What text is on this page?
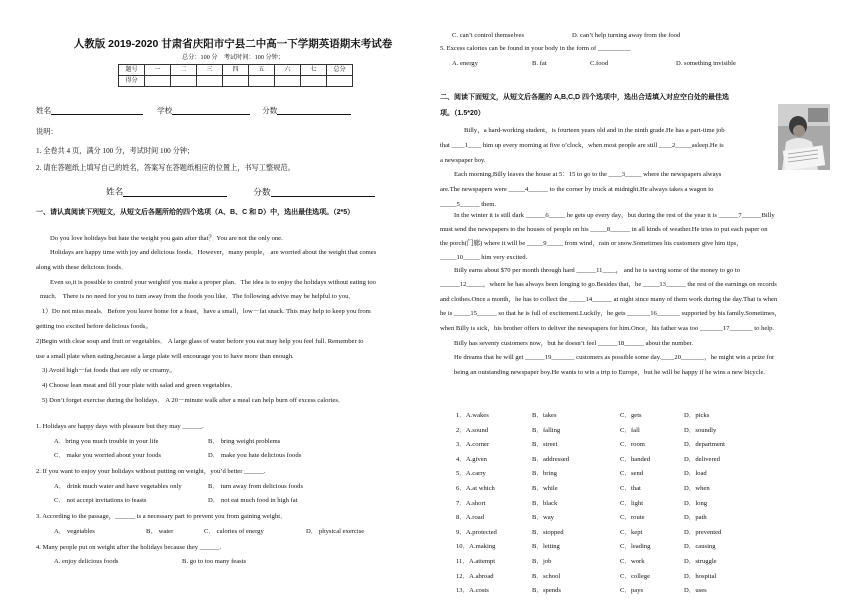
人教版 2019-2020 甘肃省庆阳市宁县二中高一下学期英语期末考试卷
总分：100 分　考试时间：100 分钟；
题号	一	二	三	四	五	六	七	总分
得分								
姓名	学校	分数
说明：
1. 全卷共 4 页，满分 100 分，考试时间 100 分钟；
2. 请在答题纸上填写自己的姓名，答案写在答题纸相应的位置上，书写工整规范。
姓名	分数
一、请认真阅读下列短文，从短文后各题所给的四个选项（A、B、C 和 D）中，选出最佳选项。（2*5）
Do you love holidays but hate the weight you gain after that？ You are not the only one.
Holidays are happy time with joy and delicious foods．However，many people， are worried about the weight that comes
along with these delicious foods．
Even so,it is possible to control your weightif you make a proper plan．The idea is to enjoy the holidays without eating too
much． There is no need for you to turn away from the foods you like．The following advive may be helpful to you．
1）Do not miss meals．Before you leave home for a feast，have a small，low－fat snack. This may help to keep you from
getting too excited before delicious foods。
2)Begin with clear soup and fruit or vegetables． A large glass of water before you eat may help you feel full. Remember to
use a small plate when eating,because a large plate will encourage you to have more than enough.
3) Avoid high－fat foods that are oily or creamy。
4) Choose lean meat and fill your plate with salad and green vegetables．
5) Don’t forget exercise during the holidays． A 20－minute walk after a meal can help burn off excess calories．
1. Holidays are happy days with pleasure but they may ______.
A．bring you much trouble in your life	B． bring weight problems
C． make you worried about your foods	D． make you hate delicious foods
2. If you want to enjoy your holidays without putting on weight，you’d better ______.
A． drink much water and have vegetables only	B． turn away from delicious foods
C． not accept invitations to feasts	D． not eat much food in high fat
3. According to the passage，______ is a necessary part to prevent you from gaining weight．
A． vegetables	B． water	C． calories of energy	D． physical exercise
4. Many people put on weight after the holidays because they ______.
A. enjoy delicious foods	B. go to too many feasts
C. can’t control themselves	D. can’t help turning away from the food
5. Excess calories can be found in your body in the form of __________
A. energy	B. fat	C.food	D. something invisible
二、阅读下面短文，从短文后各题的 A,B,C,D 四个选项中，选出合适填入对应空白处的最佳选
项。（1.5*20）
Billy，a hard-working student，is fourteen years old and in the ninth grade.He has a part-time job
that ____1____ him up every morning at five o’clock，when most people are still ____2_____asleep.He is
a newspaper boy.
Each morning,Billy leaves the house at 5：15 to go to the ____3_____ where the newspapers always
are.The newspapers were _____4______ to the corner by truck at midnight.He always takes a wagon to
_____5______ them.
In the winter it is still dark ______6_____ he gets up every day，but during the rest of the year it is ______7______Billy
must send the newspapers to the houses of people on his _____8______ in all kinds of weather.He tries to put each paper on
the porch(门廊) where it will be _____9_____ from wind，rain or snow.Sometimes his customers give him tips，
_____10_____ him very excited.
Billy earns about $70 per month through hard ______11____， and he is saving some of the money to go to
______12_____，where he has always been longing to go.Besides that，he _____13______ the rest of the earnings on records
and clothes.Once a month，he has to collect the _____14______ at night since many of them work during the day.That is when
he is _____15______ so that he is full of excitement.Luckily，he gets _______16_______ supported by his family.Sometimes，
when Billy is sick，his brother offers to deliver the newspapers for him.Once，his father was too _______17_______ to help.
Billy has seventy customers now，but he doesn’t feel ______18______ about the number.
He dreams that he will get ______19_______ customers as possible some day.____20_______，he might win a prize for
being an outstanding newspaper boy.He wants to win a trip to Europe，but he will be happy if he wins a new bicycle.
1．A.wakes	B．takes	C．gets	D．picks
2．A.sound	B．falling	C．fall	D．soundly
3．A.corner	B．street	C．room	D．department
4．A.given	B．addressed	C．handed	D．delivered
5．A.carry	B．bring	C．send	D．load
6．A.at which	B．while	C．that	D．when
7．A.short	B．black	C．light	D．long
8．A.road	B．way	C．route	D．path
9．A.protected	B．stopped	C．kept	D．prevented
10．A.making	B．letting	C．leading	D．causing
11．A.attempt	B．job	C．work	D．struggle
12．A.abroad	B．school	C．college	D．hospital
13．A.costs	B．spends	C．pays	D．uses
